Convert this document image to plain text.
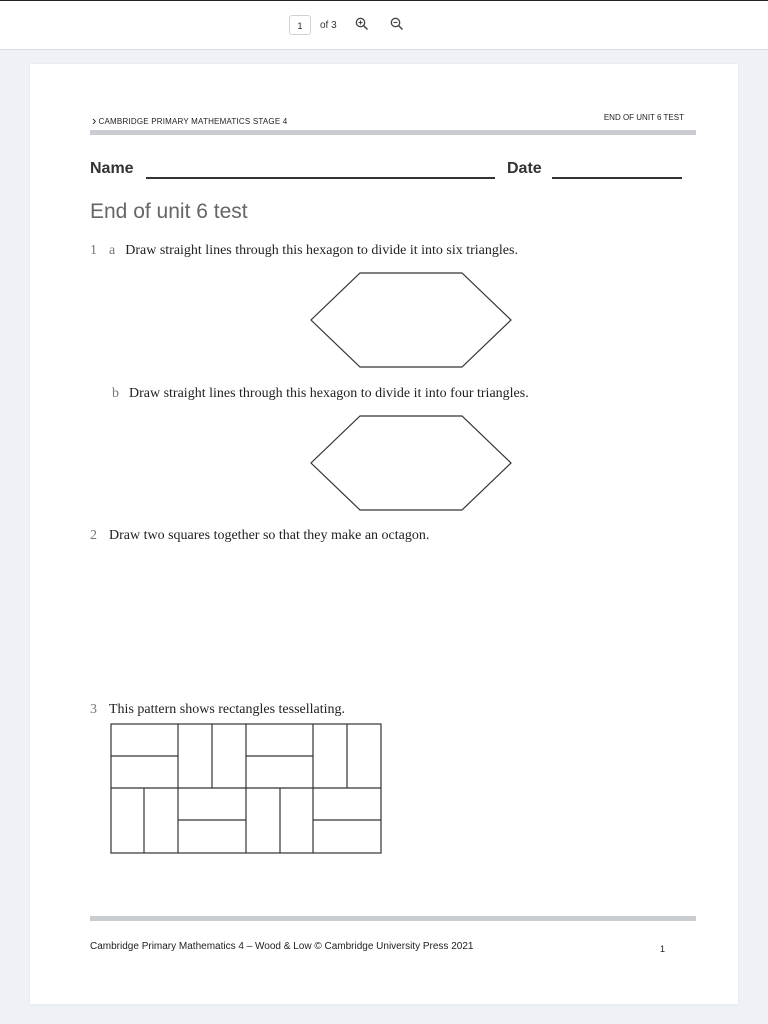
1	of 3
› CAMBRIDGE PRIMARY MATHEMATICS STAGE 4	END OF UNIT 6 TEST
Name	Date
End of unit 6 test
1 a Draw straight lines through this hexagon to divide it into six triangles.
b Draw straight lines through this hexagon to divide it into four triangles.
2 Draw two squares together so that they make an octagon.
3 This pattern shows rectangles tessellating.
Cambridge Primary Mathematics 4 – Wood & Low © Cambridge University Press 2021	1
